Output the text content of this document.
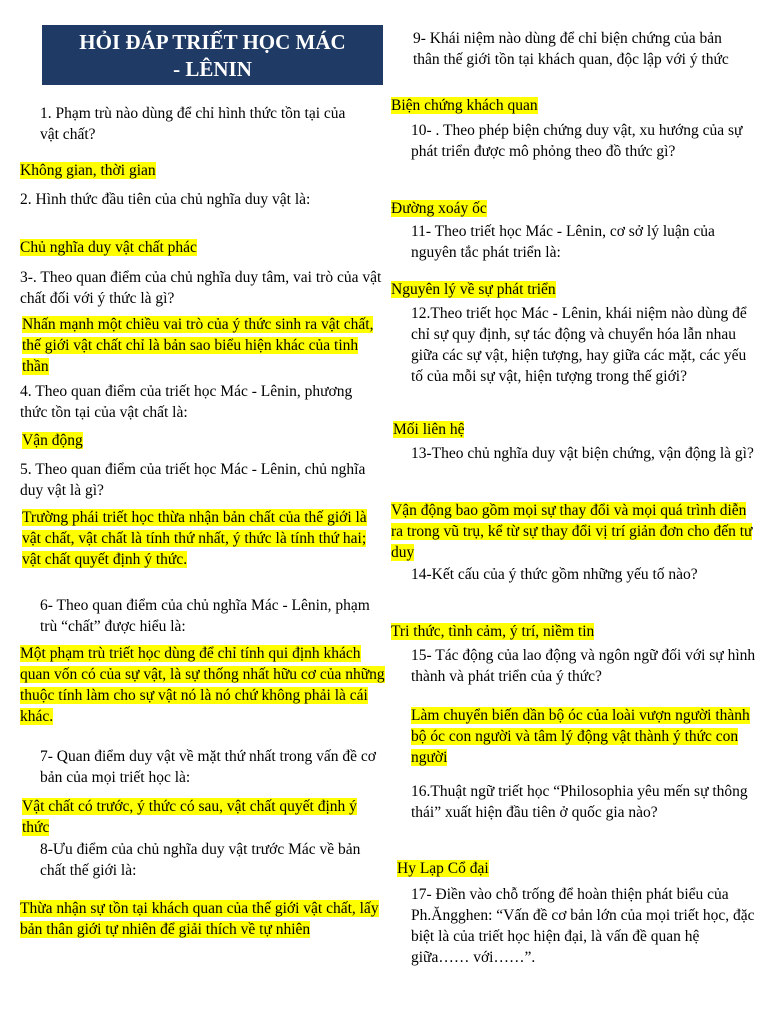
HỎI ĐÁP TRIẾT HỌC MÁC
- LÊNIN

1. Phạm trù nào dùng để chỉ hình thức tồn tại của vật chất?

Không gian, thời gian

2. Hình thức đầu tiên của chủ nghĩa duy vật là:

Chủ nghĩa duy vật chất phác

3-. Theo quan điểm của chủ nghĩa duy tâm, vai trò của vật chất đối với ý thức là gì?

Nhấn mạnh một chiều vai trò của ý thức sinh ra vật chất, thế giới vật chất chỉ là bản sao biểu hiện khác của tinh thần

4. Theo quan điểm của triết học Mác - Lênin, phương thức tồn tại của vật chất là:

Vận động

5. Theo quan điểm của triết học Mác - Lênin, chủ nghĩa duy vật là gì?

Trường phái triết học thừa nhận bản chất của thế giới là vật chất, vật chất là tính thứ nhất, ý thức là tính thứ hai; vật chất quyết định ý thức.

6- Theo quan điểm của chủ nghĩa Mác - Lênin, phạm trù “chất” được hiểu là:

Một phạm trù triết học dùng để chỉ tính qui định khách quan vốn có của sự vật, là sự thống nhất hữu cơ của những thuộc tính làm cho sự vật nó là nó chứ không phải là cái khác.

7- Quan điểm duy vật về mặt thứ nhất trong vấn đề cơ bản của mọi triết học là:

Vật chất có trước, ý thức có sau, vật chất quyết định ý thức

8-Ưu điểm của chủ nghĩa duy vật trước Mác về bản chất thế giới là:

Thừa nhận sự tồn tại khách quan của thế giới vật chất, lấy bản thân giới tự nhiên để giải thích về tự nhiên

9- Khái niệm nào dùng để chỉ biện chứng của bản thân thế giới tồn tại khách quan, độc lập với ý thức

Biện chứng khách quan

10- . Theo phép biện chứng duy vật, xu hướng của sự phát triển được mô phỏng theo đồ thức gì?

Đường xoáy ốc

11- Theo triết học Mác - Lênin, cơ sở lý luận của nguyên tắc phát triển là:

Nguyên lý về sự phát triển

12.Theo triết học Mác - Lênin, khái niệm nào dùng để chỉ sự quy định, sự tác động và chuyển hóa lẫn nhau giữa các sự vật, hiện tượng, hay giữa các mặt, các yếu tố của mỗi sự vật, hiện tượng trong thế giới?

Mối liên hệ

13-Theo chủ nghĩa duy vật biện chứng, vận động là gì?

Vận động bao gồm mọi sự thay đổi và mọi quá trình diễn ra trong vũ trụ, kể từ sự thay đổi vị trí giản đơn cho đến tư duy

14-Kết cấu của ý thức gồm những yếu tố nào?

Tri thức, tình cảm, ý trí, niềm tin

15- Tác động của lao động và ngôn ngữ đối với sự hình thành và phát triển của ý thức?

Làm chuyển biến dần bộ óc của loài vượn người thành bộ óc con người và tâm lý động vật thành ý thức con người

16.Thuật ngữ triết học “Philosophia yêu mến sự thông thái” xuất hiện đầu tiên ở quốc gia nào?

Hy Lạp Cổ đại

17- Điền vào chỗ trống để hoàn thiện phát biểu của Ph.Ăngghen: “Vấn đề cơ bản lớn của mọi triết học, đặc biệt là của triết học hiện đại, là vấn đề quan hệ giữa…… với……”.
